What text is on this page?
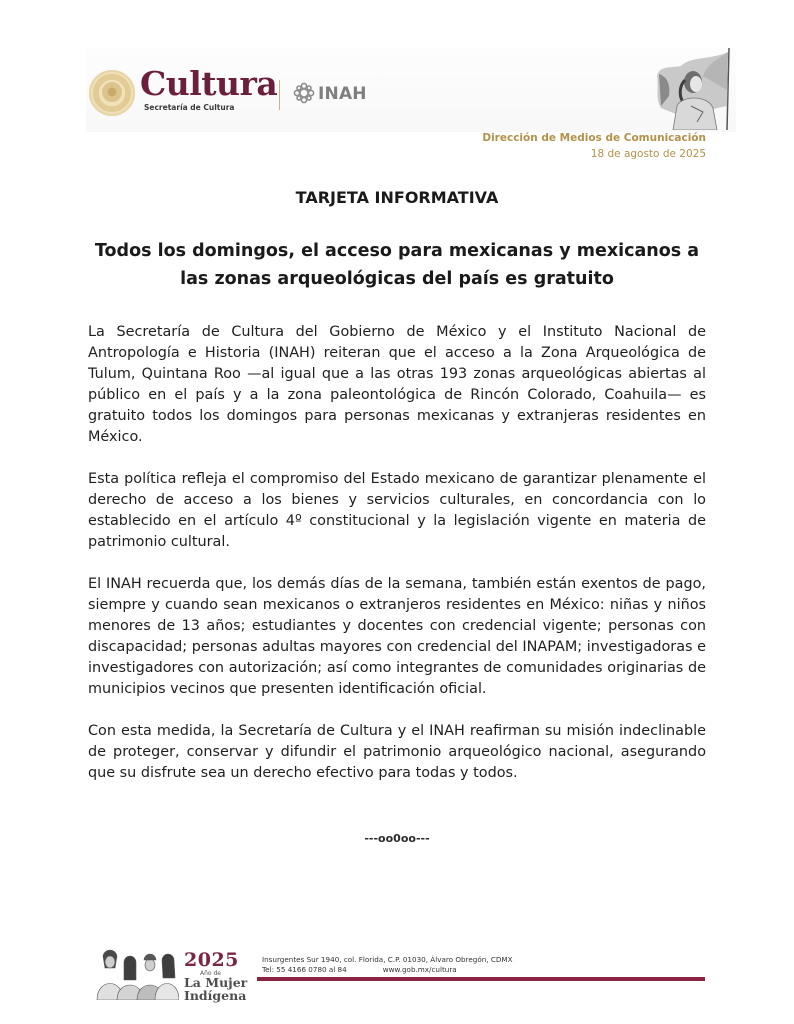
Cultura
Secretaría de Cultura
INAH
Dirección de Medios de Comunicación
18 de agosto de 2025
TARJETA INFORMATIVA
Todos los domingos, el acceso para mexicanas y mexicanos a las zonas arqueológicas del país es gratuito

La Secretaría de Cultura del Gobierno de México y el Instituto Nacional de Antropología e Historia (INAH) reiteran que el acceso a la Zona Arqueológica de Tulum, Quintana Roo —al igual que a las otras 193 zonas arqueológicas abiertas al público en el país y a la zona paleontológica de Rincón Colorado, Coahuila— es gratuito todos los domingos para personas mexicanas y extranjeras residentes en México.

Esta política refleja el compromiso del Estado mexicano de garantizar plenamente el derecho de acceso a los bienes y servicios culturales, en concordancia con lo establecido en el artículo 4º constitucional y la legislación vigente en materia de patrimonio cultural.

El INAH recuerda que, los demás días de la semana, también están exentos de pago, siempre y cuando sean mexicanos o extranjeros residentes en México: niñas y niños menores de 13 años; estudiantes y docentes con credencial vigente; personas con discapacidad; personas adultas mayores con credencial del INAPAM; investigadoras e investigadores con autorización; así como integrantes de comunidades originarias de municipios vecinos que presenten identificación oficial.

Con esta medida, la Secretaría de Cultura y el INAH reafirman su misión indeclinable de proteger, conservar y difundir el patrimonio arqueológico nacional, asegurando que su disfrute sea un derecho efectivo para todas y todos.

---oo0oo---
2025
Año de
La Mujer
Indígena
Insurgentes Sur 1940, col. Florida, C.P. 01030, Álvaro Obregón, CDMX
Tel: 55 4166 0780 al 84	www.gob.mx/cultura
